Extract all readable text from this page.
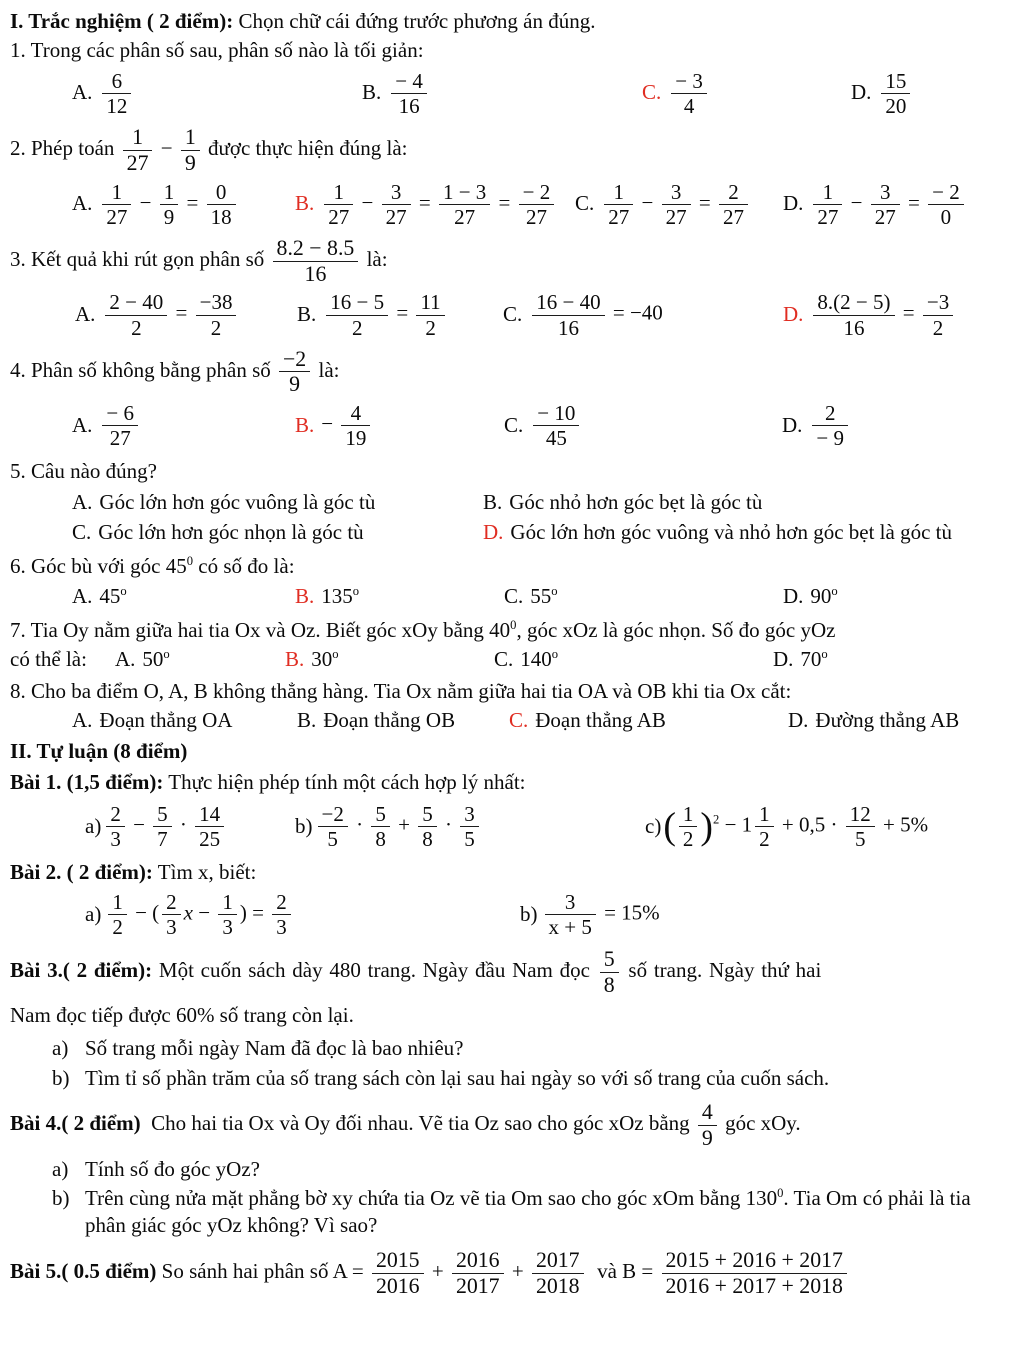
I. Trắc nghiệm ( 2 điểm): Chọn chữ cái đứng trước phương án đúng.
1. Trong các phân số sau, phân số nào là tối giản:
A. $\frac{6}{12}$	B. $\frac{- 4}{16}$	C. $\frac{- 3}{4}$	D. $\frac{15}{20}$
2. Phép toán $\frac{1}{27} - \frac{1}{9}$ được thực hiện đúng là:
A. $\frac{1}{27} - \frac{1}{9} = \frac{0}{18}$	B. $\frac{1}{27} - \frac{3}{27} = \frac{1 - 3}{27} = \frac{- 2}{27} C$. $\frac{1}{27} - \frac{3}{27} = \frac{2}{27} D$. $\frac{1}{27} - \frac{3}{27} = \frac{- 2}{0}$
3. Kết quả khi rút gọn phân số $\frac{8.2 - 8.5}{16}$ là:
A. $\frac{2 - 40}{2} = \frac{-38}{2}$	B. $\frac{16 - 5}{2} = \frac{11}{2}$	C. $\frac{16 - 40}{16} = -40$	D. $\frac{8.(2 - 5)}{16} = \frac{-3}{2}$
4. Phân số không bằng phân số $\frac{-2}{9}$ là:
A. $\frac{- 6}{27}$	B. − $\frac{4}{19}$	C. $\frac{- 10}{45}$	D. $\frac{2}{- 9}$
5. Câu nào đúng?
A. Góc lớn hơn góc vuông là góc tù	B. Góc nhỏ hơn góc bẹt là góc tù
C. Góc lớn hơn góc nhọn là góc tù	D. Góc lớn hơn góc vuông và nhỏ hơn góc bẹt là góc tù
6. Góc bù với góc $45^0$ có số đo là:
A. 45$^o$	B. 135$^o$	C. 55$^o$	D. 90$^o$
7. Tia Oy nằm giữa hai tia Ox và Oz. Biết góc xOy bằng $40^0$, góc xOz là góc nhọn. Số đo góc yOz
có thể là:	A. 50$^o$	B. 30$^o$	C. 140$^o$	D. 70$^o$
8. Cho ba điểm O, A, B không thẳng hàng. Tia Ox nằm giữa hai tia OA và OB khi tia Ox cắt:
A. Đoạn thẳng OA	B. Đoạn thẳng OB	C. Đoạn thẳng AB	D. Đường thẳng AB
II. Tự luận (8 điểm)
Bài 1. (1,5 điểm): Thực hiện phép tính một cách hợp lý nhất:
$a) \frac{2}{3} - \frac{5}{7} \cdot \frac{14}{25}$	$b) \frac{-2}{5} \cdot \frac{5}{8} + \frac{5}{8} \cdot \frac{3}{5}$	c) ( $\frac{1}{2} )^2 - 1 \frac{1}{2} + 0,5 \cdot \frac{12}{5} + 5\%$
Bài 2. ( 2 điểm): Tìm x, biết:
$a) \frac{1}{2}$ − ( $\frac{2}{3}$ $x - \frac{1}{3}$ ) = $\frac{2}{3}$	$b) \frac{3}{x + 5} = 15\%$
Bài 3.( 2 điểm): Một cuốn sách dày 480 trang. Ngày đầu Nam đọc $\frac{5}{8}$ số trang. Ngày thứ hai
Nam đọc tiếp được 60% số trang còn lại.
a) Số trang mỗi ngày Nam đã đọc là bao nhiêu?
b) Tìm tỉ số phần trăm của số trang sách còn lại sau hai ngày so với số trang của cuốn sách.
Bài 4.( 2 điểm)  Cho hai tia Ox và Oy đối nhau. Vẽ tia Oz sao cho góc xOz bằng $\frac{4}{9}$ góc xOy.
a) Tính số đo góc yOz?
b) Trên cùng nửa mặt phẳng bờ xy chứa tia Oz vẽ tia Om sao cho góc xOm bằng $130^0$. Tia Om có phải là tia phân giác góc yOz không? Vì sao?
Bài 5.( 0.5 điểm) So sánh hai phân số $A = \frac{2015}{2016} + \frac{2016}{2017} + \frac{2017}{2018}$ và $B = \frac{2015 + 2016 + 2017}{2016 + 2017 + 2018}$
